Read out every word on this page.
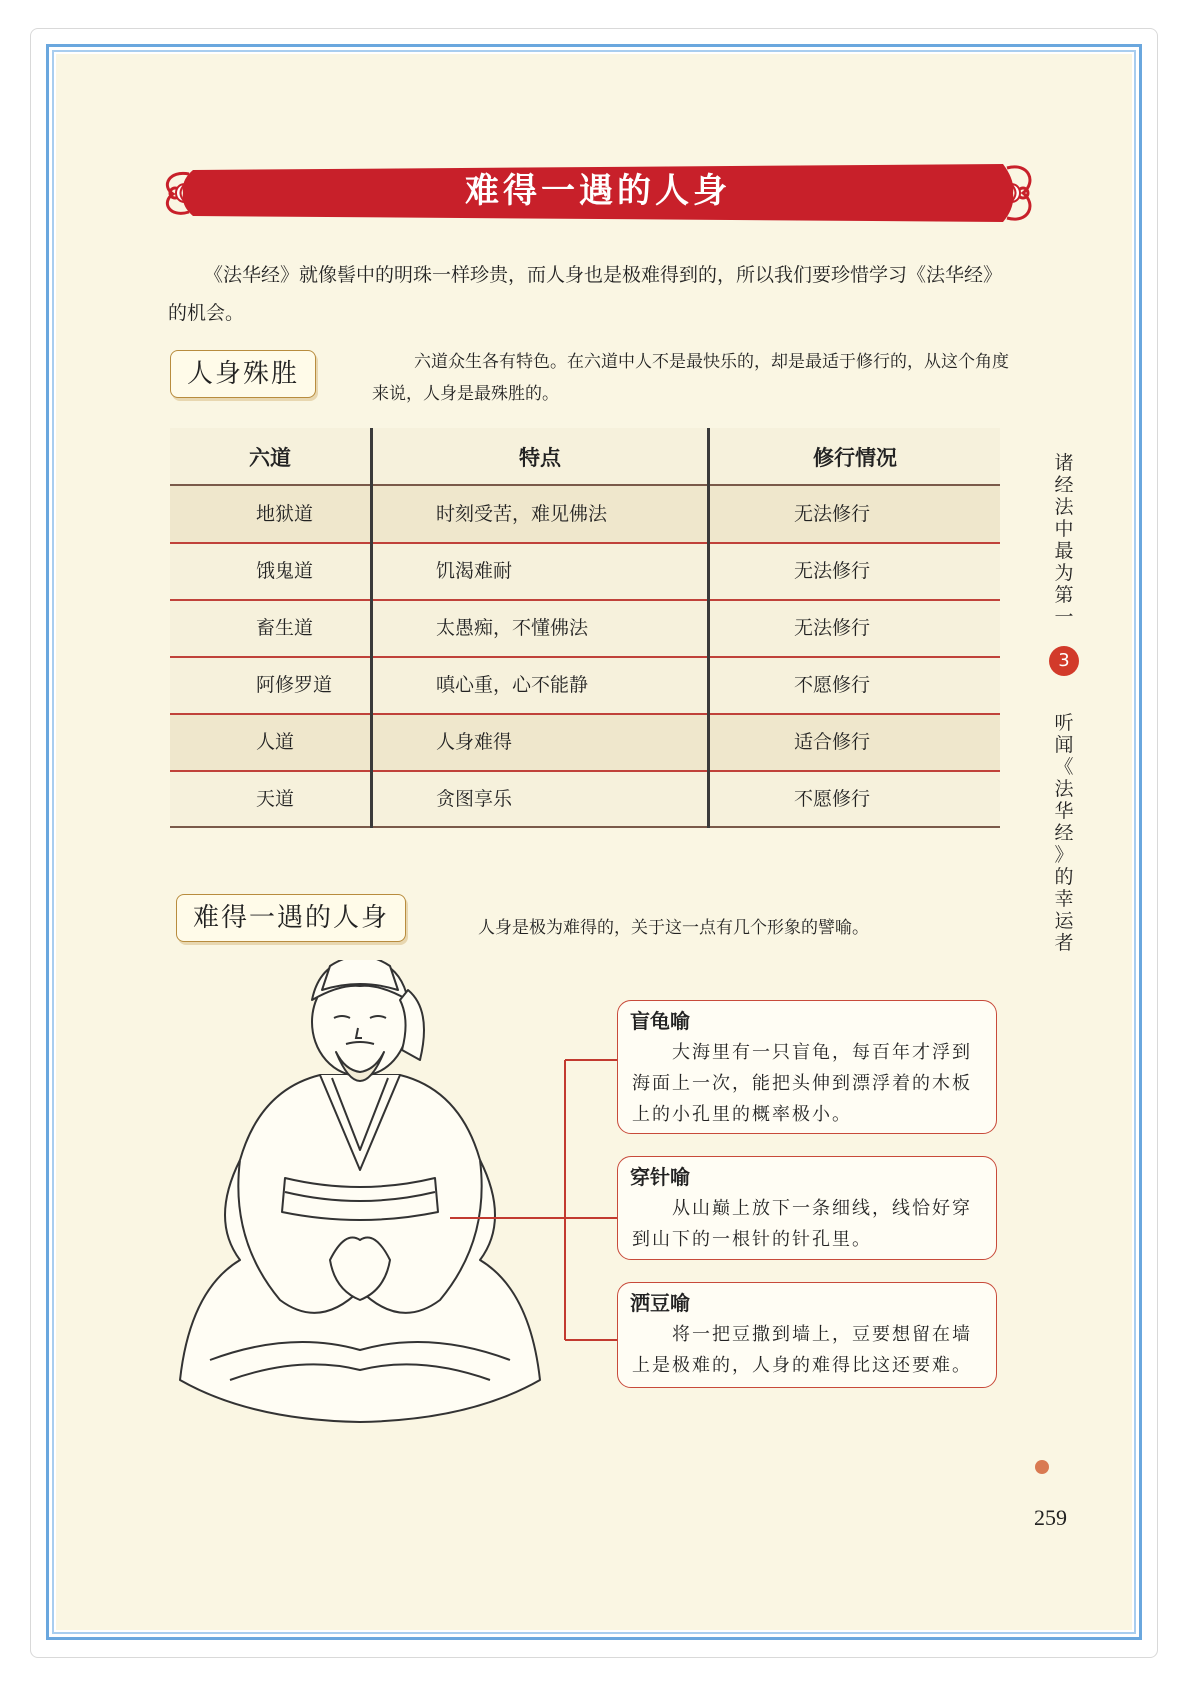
难得一遇的人身

《法华经》就像髻中的明珠一样珍贵，而人身也是极难得到的，所以我们要珍惜学习《法华经》的机会。

人身殊胜	六道众生各有特色。在六道中人不是最快乐的，却是最适于修行的，从这个角度来说，人身是最殊胜的。
六道	特点	修行情况
地狱道	时刻受苦，难见佛法	无法修行
饿鬼道	饥渴难耐	无法修行
畜生道	太愚痴，不懂佛法	无法修行
阿修罗道	嗔心重，心不能静	不愿修行
人道	人身难得	适合修行
天道	贪图享乐	不愿修行
诸
经
法
中
最
为
第
一
3
听
闻
《
法
华
经
》
的
幸
运
者
难得一遇的人身	人身是极为难得的，关于这一点有几个形象的譬喻。
盲龟喻

大海里有一只盲龟，每百年才浮到海面上一次，能把头伸到漂浮着的木板上的小孔里的概率极小。

穿针喻

从山巅上放下一条细线，线恰好穿到山下的一根针的针孔里。

洒豆喻

将一把豆撒到墙上，豆要想留在墙上是极难的，人身的难得比这还要难。

259
